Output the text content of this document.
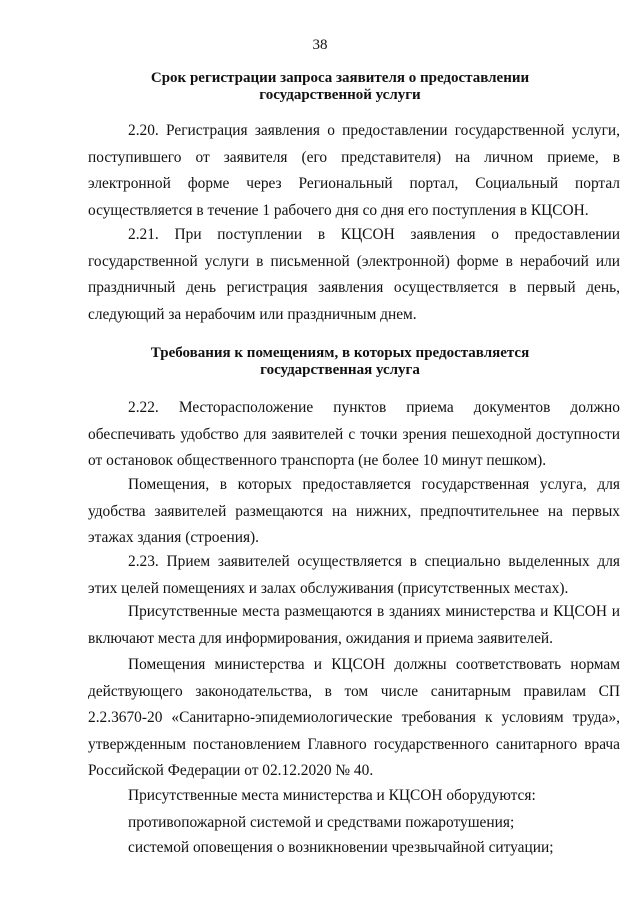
38
Срок регистрации запроса заявителя о предоставлении
государственной услуги

2.20. Регистрация заявления о предоставлении государственной услуги, поступившего от заявителя (его представителя) на личном приеме, в электронной форме через Региональный портал, Социальный портал осуществляется в течение 1 рабочего дня со дня его поступления в КЦСОН.

2.21. При поступлении в КЦСОН заявления о предоставлении государственной услуги в письменной (электронной) форме в нерабочий или праздничный день регистрация заявления осуществляется в первый день, следующий за нерабочим или праздничным днем.

Требования к помещениям, в которых предоставляется
государственная услуга

2.22. Месторасположение пунктов приема документов должно обеспечивать удобство для заявителей с точки зрения пешеходной доступности от остановок общественного транспорта (не более 10 минут пешком).

Помещения, в которых предоставляется государственная услуга, для удобства заявителей размещаются на нижних, предпочтительнее на первых этажах здания (строения).

2.23. Прием заявителей осуществляется в специально выделенных для этих целей помещениях и залах обслуживания (присутственных местах).

Присутственные места размещаются в зданиях министерства и КЦСОН и включают места для информирования, ожидания и приема заявителей.

Помещения министерства и КЦСОН должны соответствовать нормам действующего законодательства, в том числе санитарным правилам СП 2.2.3670-20 «Санитарно-эпидемиологические требования к условиям труда», утвержденным постановлением Главного государственного санитарного врача Российской Федерации от 02.12.2020 № 40.

Присутственные места министерства и КЦСОН оборудуются:
противопожарной системой и средствами пожаротушения;
системой оповещения о возникновении чрезвычайной ситуации;
